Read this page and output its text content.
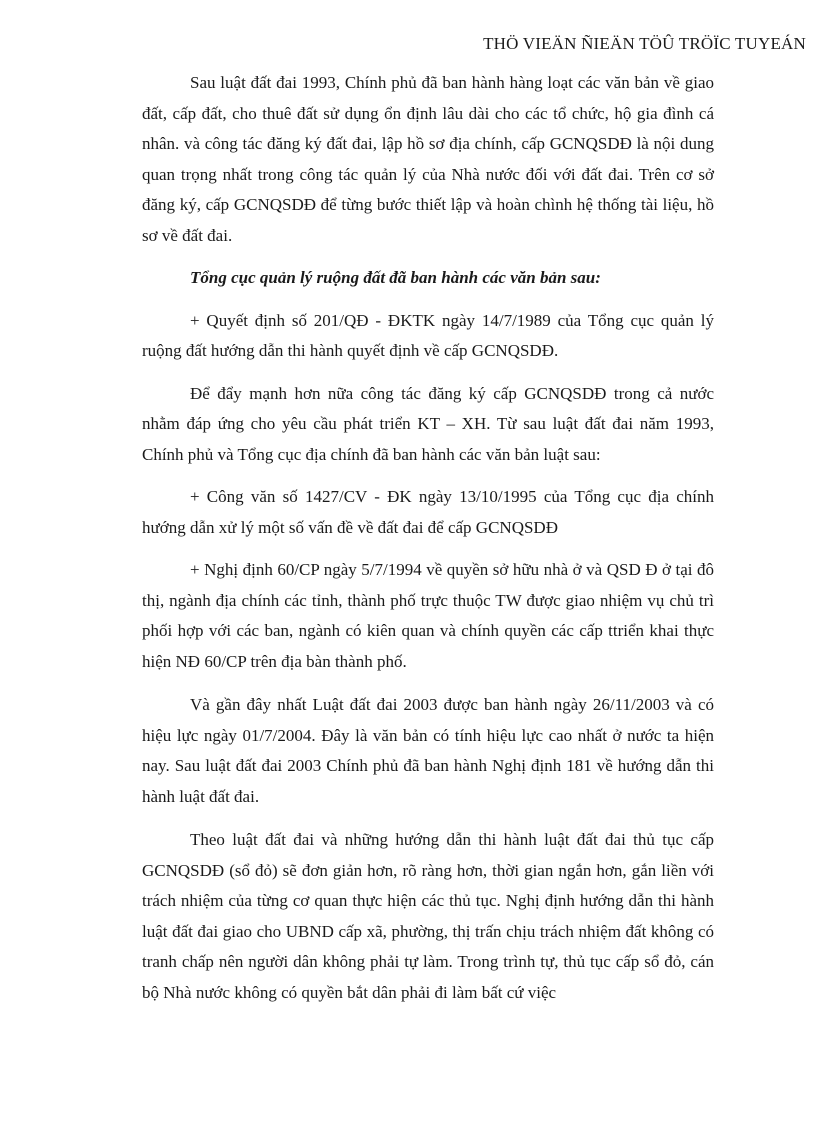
THÖ VIEÄN ÑIEÄN TÖÛ TRÖÏC TUYEÁN

Sau luật đất đai 1993, Chính phủ đã ban hành hàng loạt các văn bản về giao đất, cấp đất, cho thuê đất sử dụng ổn định lâu dài cho các tổ chức, hộ gia đình cá nhân. và công tác đăng ký đất đai, lập hồ sơ địa chính, cấp GCNQSDĐ là nội dung quan trọng nhất trong công tác quản lý của Nhà nước đối với đất đai. Trên cơ sở đăng ký, cấp GCNQSDĐ để từng bước thiết lập và hoàn chình hệ thống tài liệu, hồ sơ về đất đai.

Tổng cục quản lý ruộng đất đã ban hành các văn bản sau:

+ Quyết định số 201/QĐ - ĐKTK ngày 14/7/1989 của Tổng cục quản lý ruộng đất hướng dẫn thi hành quyết định về cấp GCNQSDĐ.

Để đẩy mạnh hơn nữa công tác đăng ký cấp GCNQSDĐ trong cả nước nhằm đáp ứng cho yêu cầu phát triển KT – XH. Từ sau luật đất đai năm 1993, Chính phủ và Tổng cục địa chính đã ban hành các văn bản luật sau:

+ Công văn số 1427/CV - ĐK ngày 13/10/1995 của Tổng cục địa chính hướng dẫn xử lý một số vấn đề về đất đai để cấp GCNQSDĐ

+ Nghị định 60/CP ngày 5/7/1994 về quyền sở hữu nhà ở và QSD Đ ở tại đô thị, ngành địa chính các tỉnh, thành phố trực thuộc TW được giao nhiệm vụ chủ trì phối hợp với các ban, ngành có kiên quan và chính quyền các cấp ttriển khai thực hiện NĐ 60/CP trên địa bàn thành phố.

Và gần đây nhất Luật đất đai 2003 được ban hành ngày 26/11/2003 và có hiệu lực ngày 01/7/2004. Đây là văn bản có tính hiệu lực cao nhất ở nước ta hiện nay. Sau luật đất đai 2003 Chính phủ đã ban hành Nghị định 181 về hướng dẫn thi hành luật đất đai.

Theo luật đất đai và những hướng dẫn thi hành luật đất đai thủ tục cấp GCNQSDĐ (sổ đỏ) sẽ đơn giản hơn, rõ ràng hơn, thời gian ngắn hơn, gắn liền với trách nhiệm của từng cơ quan thực hiện các thủ tục. Nghị định hướng dẫn thi hành luật đất đai giao cho UBND cấp xã, phường, thị trấn chịu trách nhiệm đất không có tranh chấp nên người dân không phải tự làm. Trong trình tự, thủ tục cấp sổ đỏ, cán bộ Nhà nước không có quyền bắt dân phải đi làm bất cứ việc
